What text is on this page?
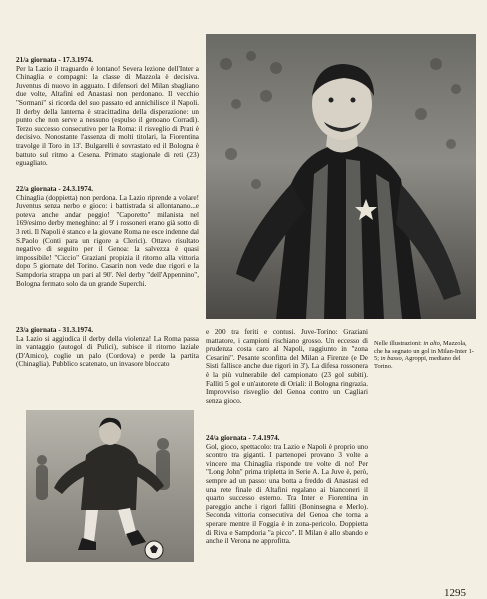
21/a giornata - 17.3.1974.
Per la Lazio il traguardo è lontano! Severa lezione dell'Inter a Chinaglia e compagni: la classe di Mazzola è decisiva. Juventus di nuovo in agguato. I difensori del Milan sbagliano due volte, Altafini ed Anastasi non perdonano. Il vecchio "Sormani" si ricorda del suo passato ed annichilisce il Napoli. Il derby della lanterna è stracittadina della disperazione: un punto che non serve a nessuno (espulso il genoano Corradi). Terzo successo consecutivo per la Roma: il risveglio di Prati è decisivo. Nonostante l'assenza di molti titolari, la Fiorentina travolge il Toro in 13'. Bulgarelli è sovrastato ed il Bologna è battuto sul ritmo a Cesena. Primato stagionale di reti (23) eguagliato.
22/a giornata - 24.3.1974.
Chinaglia (doppietta) non perdona. La Lazio riprende a volare! Juventus senza nerbo e gioco: i battistrada si allontanano...e poteva anche andar peggio! "Caporetto" milanista nel 169/esimo derby meneghino: al 9' i rossoneri erano già sotto di 3 reti. Il Napoli è stanco e la giovane Roma ne esce indenne dal S.Paolo (Conti para un rigore a Clerici). Ottavo risultato negativo di seguito per il Genoa: la salvezza è quasi impossibile! "Ciccio" Graziani propizia il ritorno alla vittoria dopo 5 giornate del Torino. Casarin non vede due rigori e la Sampdoria strappa un pari al 90'. Nel derby "dell'Appennino", Bologna fermato solo da un grande Superchi.
23/a giornata - 31.3.1974.
La Lazio si aggiudica il derby della violenza! La Roma passa in vantaggio (autogol di Pulici), subisce il ritorno laziale (D'Amico), coglie un palo (Cordova) e perde la partita (Chinaglia). Pubblico scatenato, un invasore bloccato
e 200 tra feriti e contusi. Juve-Torino: Graziani mattatore, i campioni rischiano grosso. Un eccesso di prudenza costa caro al Napoli, raggiunto in "zona Cesarini". Pesante sconfitta del Milan a Firenze (e De Sisti fallisce anche due rigori in 3'). La difesa rossonera è la più vulnerabile del campionato (23 gol subiti). Falliti 5 gol e un'autorete di Oriali: il Bologna ringrazia. Improvviso risveglio del Genoa contro un Cagliari senza gioco.
24/a giornata - 7.4.1974.
Gol, gioco, spettacolo: tra Lazio e Napoli è proprio uno scontro tra giganti. I partenopei provano 3 volte a vincere ma Chinaglia risponde tre volte di no! Per "Long John" prima tripletta in Serie A. La Juve è, però, sempre ad un passo: una botta a freddo di Anastasi ed una rete finale di Altafini regalano ai bianconeri il quarto successo esterno. Tra Inter e Fiorentina in pareggio anche i rigori falliti (Boninsegna e Merlo). Seconda vittoria consecutiva del Genoa che torna a sperare mentre il Foggia è in zona-pericolo. Doppietta di Riva e Sampdoria "a picco". Il Milan è allo sbando e anche il Verona ne approfitta.
Nelle illustrazioni: in alto, Mazzola, che ha segnato un gol in Milan-Inter 1-5; in basso, Agroppi, mediano del Torino.
1295
